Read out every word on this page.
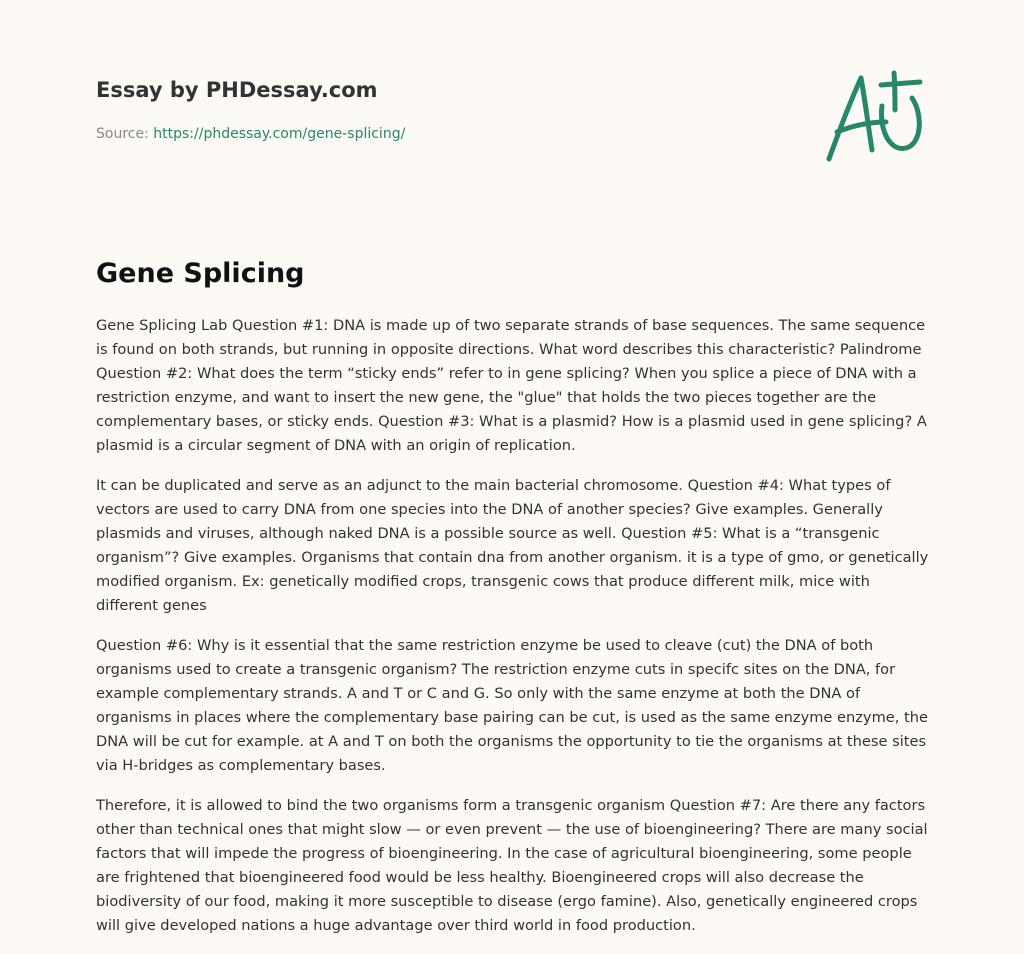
Essay by PHDessay.com
Source: https://phdessay.com/gene-splicing/
Gene Splicing

Gene Splicing Lab Question #1: DNA is made up of two separate strands of base sequences. The same sequence is found on both strands, but running in opposite directions. What word describes this characteristic? Palindrome Question #2: What does the term “sticky ends” refer to in gene splicing? When you splice a piece of DNA with a restriction enzyme, and want to insert the new gene, the "glue" that holds the two pieces together are the complementary bases, or sticky ends. Question #3: What is a plasmid? How is a plasmid used in gene splicing? A plasmid is a circular segment of DNA with an origin of replication.

It can be duplicated and serve as an adjunct to the main bacterial chromosome. Question #4: What types of vectors are used to carry DNA from one species into the DNA of another species? Give examples. Generally plasmids and viruses, although naked DNA is a possible source as well. Question #5: What is a “transgenic organism”? Give examples. Organisms that contain dna from another organism. it is a type of gmo, or genetically modified organism. Ex: genetically modified crops, transgenic cows that produce different milk, mice with different genes

Question #6: Why is it essential that the same restriction enzyme be used to cleave (cut) the DNA of both organisms used to create a transgenic organism? The restriction enzyme cuts in specifc sites on the DNA, for example complementary strands. A and T or C and G. So only with the same enzyme at both the DNA of organisms in places where the complementary base pairing can be cut, is used as the same enzyme enzyme, the DNA will be cut for example. at A and T on both the organisms the opportunity to tie the organisms at these sites via H-bridges as complementary bases.

Therefore, it is allowed to bind the two organisms form a transgenic organism Question #7: Are there any factors other than technical ones that might slow — or even prevent — the use of bioengineering? There are many social factors that will impede the progress of bioengineering. In the case of agricultural bioengineering, some people are frightened that bioengineered food would be less healthy. Bioengineered crops will also decrease the biodiversity of our food, making it more susceptible to disease (ergo famine). Also, genetically engineered crops will give developed nations a huge advantage over third world in food production.
